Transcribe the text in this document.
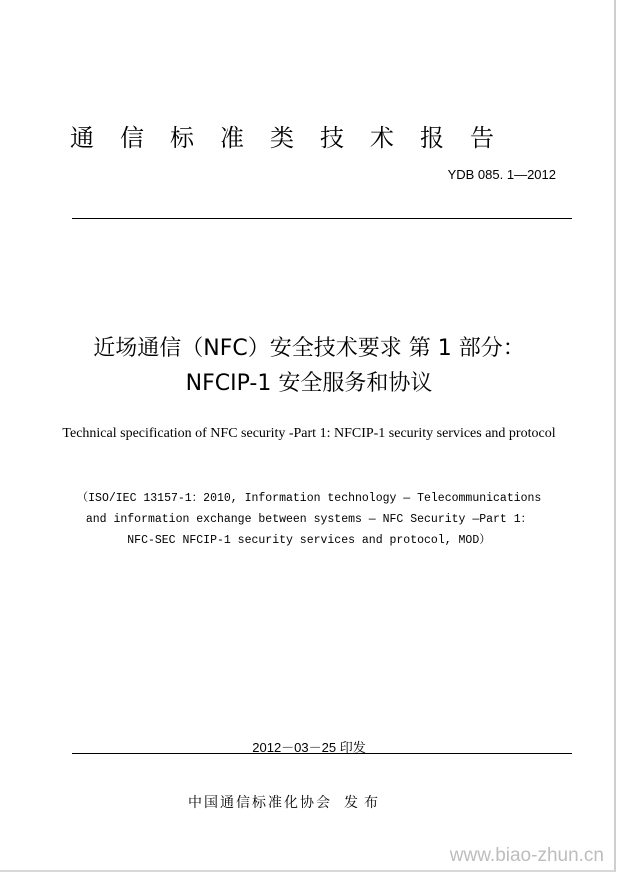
通信标准类技术报告
YDB 085. 1—2012
近场通信（NFC）安全技术要求 第 1 部分：
NFCIP-1 安全服务和协议
Technical specification of NFC security -Part 1: NFCIP-1 security services and protocol
（ISO/IEC 13157-1：2010, Information technology — Telecommunications
and information exchange between systems — NFC Security —Part 1：
NFC-SEC NFCIP-1 security services and protocol, MOD）
2012－03－25 印发
中国通信标准化协会 发布
www.biao-zhun.cn
